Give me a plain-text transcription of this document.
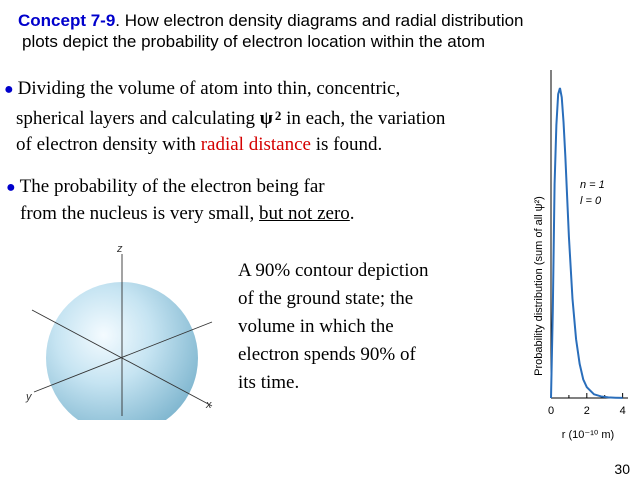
Concept 7-9. How electron density diagrams and radial distribution
plots depict the probability of electron location within the atom
● Dividing the volume of atom into thin, concentric,
spherical layers and calculating ψ $^2$ in each, the variation
of electron density with radial distance is found.
● The probability of the electron being far
from the nucleus is very small, but not zero.
z
y
x
A 90% contour depiction
of the ground state; the
volume in which the
electron spends 90% of
its time.
Probability distribution (sum of all ψ²)
0	2	4
n = 1
l = 0
r (10⁻¹⁰ m)
30
